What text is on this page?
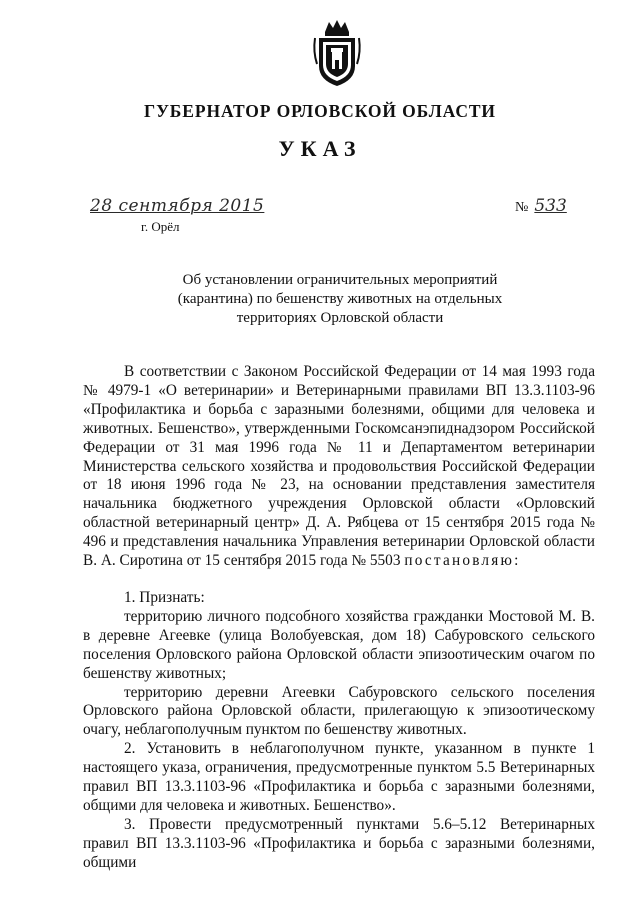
ГУБЕРНАТОР ОРЛОВСКОЙ ОБЛАСТИ
УКАЗ
28 сентября 2015
г. Орёл
№ 533
Об установлении ограничительных мероприятий
(карантина) по бешенству животных на отдельных
территориях Орловской области

В соответствии с Законом Российской Федерации от 14 мая 1993 года № 4979-1 «О ветеринарии» и Ветеринарными правилами ВП 13.3.1103-96 «Профилактика и борьба с заразными болезнями, общими для человека и животных. Бешенство», утвержденными Госкомсанэпиднадзором Российской Федерации от 31 мая 1996 года № 11 и Департаментом ветеринарии Министерства сельского хозяйства и продовольствия Российской Федерации от 18 июня 1996 года № 23, на основании представления заместителя начальника бюджетного учреждения Орловской области «Орловский областной ветеринарный центр» Д. А. Рябцева от 15 сентября 2015 года № 496 и представления начальника Управления ветеринарии Орловской области В. А. Сиротина от 15 сентября 2015 года № 5503 постановляю:

1. Признать:

территорию личного подсобного хозяйства гражданки Мостовой М. В. в деревне Агеевке (улица Волобуевская, дом 18) Сабуровского сельского поселения Орловского района Орловской области эпизоотическим очагом по бешенству животных;

территорию деревни Агеевки Сабуровского сельского поселения Орловского района Орловской области, прилегающую к эпизоотическому очагу, неблагополучным пунктом по бешенству животных.

2. Установить в неблагополучном пункте, указанном в пункте 1 настоящего указа, ограничения, предусмотренные пунктом 5.5 Ветеринарных правил ВП 13.3.1103-96 «Профилактика и борьба с заразными болезнями, общими для человека и животных. Бешенство».

3. Провести предусмотренный пунктами 5.6–5.12 Ветеринарных правил ВП 13.3.1103-96 «Профилактика и борьба с заразными болезнями, общими
